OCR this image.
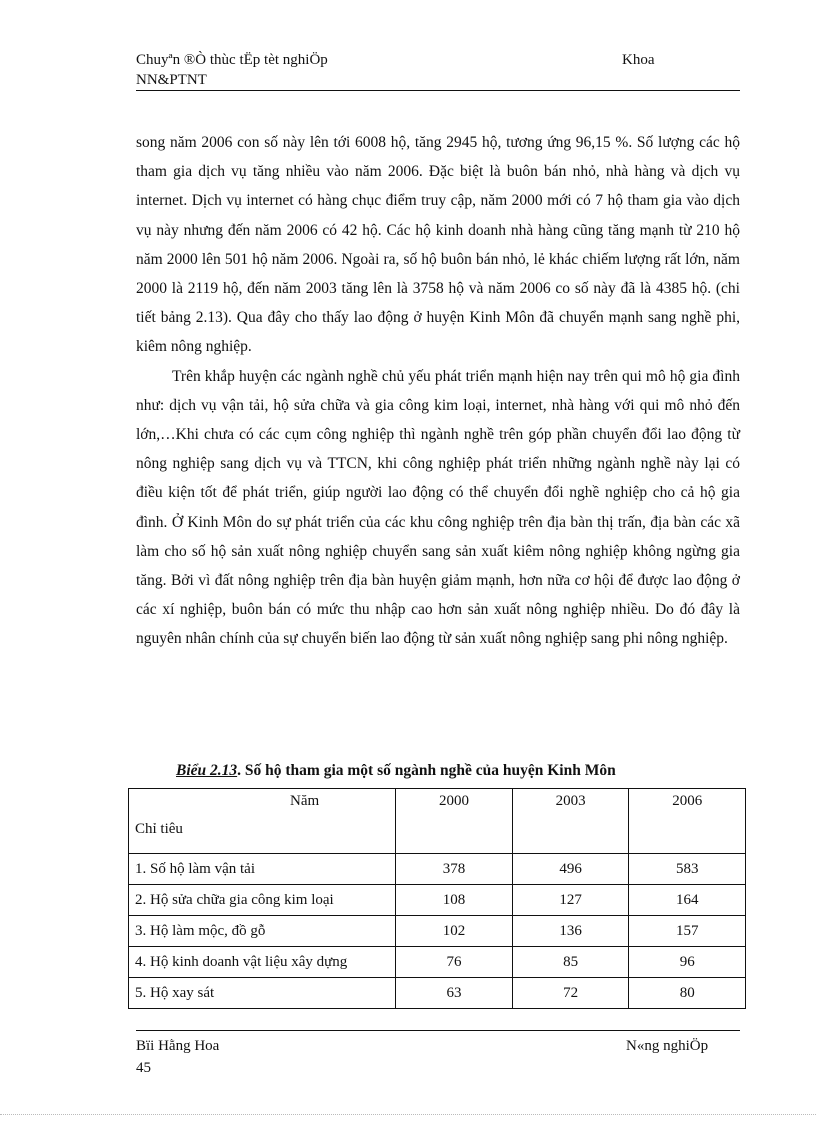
Chuyªn ®Ò thùc tËp tèt nghiÖp	Khoa
NN&PTNT

song năm 2006 con số này lên tới 6008 hộ, tăng 2945 hộ, tương ứng 96,15 %. Số lượng các hộ tham gia dịch vụ tăng nhiều vào năm 2006. Đặc biệt là buôn bán nhỏ, nhà hàng và dịch vụ internet. Dịch vụ internet có hàng chục điểm truy cập, năm 2000 mới có 7 hộ tham gia vào dịch vụ này nhưng đến năm 2006 có 42 hộ. Các hộ kinh doanh nhà hàng cũng tăng mạnh từ 210 hộ năm 2000 lên 501 hộ năm 2006. Ngoài ra, số hộ buôn bán nhỏ, lẻ khác chiếm lượng rất lớn, năm 2000 là 2119 hộ, đến năm 2003 tăng lên là 3758 hộ và năm 2006 co số này đã là 4385 hộ. (chi tiết bảng 2.13). Qua đây cho thấy lao động ở huyện Kinh Môn đã chuyển mạnh sang nghề phi, kiêm nông nghiệp.

Trên khắp huyện các ngành nghề chủ yếu phát triển mạnh hiện nay trên qui mô hộ gia đình như: dịch vụ vận tải, hộ sửa chữa và gia công kim loại, internet, nhà hàng với qui mô nhỏ đến lớn,…Khi chưa có các cụm công nghiệp thì ngành nghề trên góp phần chuyển đổi lao động từ nông nghiệp sang dịch vụ và TTCN, khi công nghiệp phát triển những ngành nghề này lại có điều kiện tốt để phát triển, giúp người lao động có thể chuyển đổi nghề nghiệp cho cả hộ gia đình. Ở Kinh Môn do sự phát triển của các khu công nghiệp trên địa bàn thị trấn, địa bàn các xã làm cho số hộ sản xuất nông nghiệp chuyển sang sản xuất kiêm nông nghiệp không ngừng gia tăng. Bởi vì đất nông nghiệp trên địa bàn huyện giảm mạnh, hơn nữa cơ hội để được lao động ở các xí nghiệp, buôn bán có mức thu nhập cao hơn sản xuất nông nghiệp nhiều. Do đó đây là nguyên nhân chính của sự chuyển biến lao động từ sản xuất nông nghiệp sang phi nông nghiệp.

Biểu 2.13. Số hộ tham gia một số ngành nghề của huyện Kinh Môn
Năm
Chỉ tiêu	2000	2003	2006
1. Số hộ làm vận tải	378	496	583
2. Hộ sửa chữa gia công kim loại	108	127	164
3. Hộ làm mộc, đồ gỗ	102	136	157
4. Hộ kinh doanh vật liệu xây dựng	76	85	96
5. Hộ xay sát	63	72	80
Bïi Hằng Hoa	N«ng nghiÖp
45
